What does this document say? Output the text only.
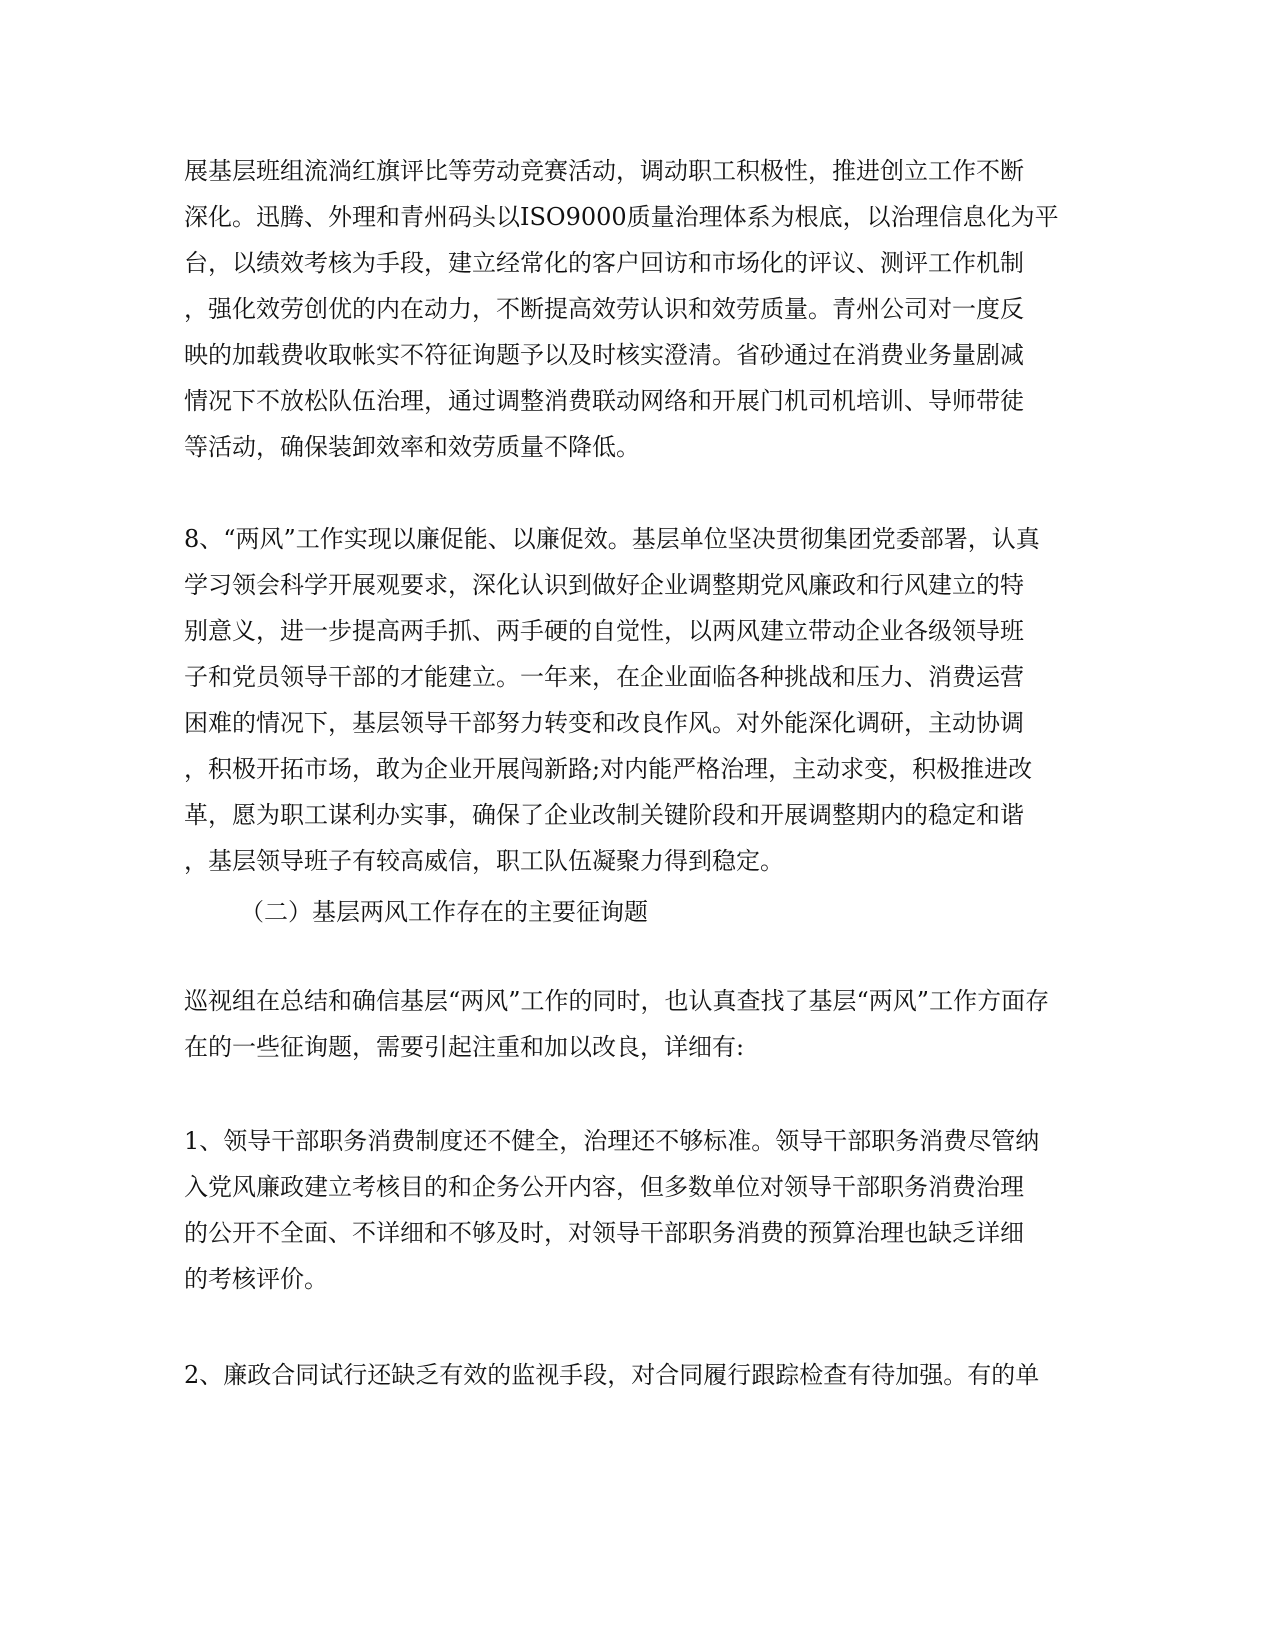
展基层班组流淌红旗评比等劳动竞赛活动，调动职工积极性，推进创立工作不断

深化。迅腾、外理和青州码头以ISO9000质量治理体系为根底，以治理信息化为平

台，以绩效考核为手段，建立经常化的客户回访和市场化的评议、测评工作机制

，强化效劳创优的内在动力，不断提高效劳认识和效劳质量。青州公司对一度反

映的加载费收取帐实不符征询题予以及时核实澄清。省砂通过在消费业务量剧减

情况下不放松队伍治理，通过调整消费联动网络和开展门机司机培训、导师带徒

等活动，确保装卸效率和效劳质量不降低。

8、“两风”工作实现以廉促能、以廉促效。基层单位坚决贯彻集团党委部署，认真

学习领会科学开展观要求，深化认识到做好企业调整期党风廉政和行风建立的特

别意义，进一步提高两手抓、两手硬的自觉性，以两风建立带动企业各级领导班

子和党员领导干部的才能建立。一年来，在企业面临各种挑战和压力、消费运营

困难的情况下，基层领导干部努力转变和改良作风。对外能深化调研，主动协调

，积极开拓市场，敢为企业开展闯新路;对内能严格治理，主动求变，积极推进改

革，愿为职工谋利办实事，确保了企业改制关键阶段和开展调整期内的稳定和谐

，基层领导班子有较高威信，职工队伍凝聚力得到稳定。

（二）基层两风工作存在的主要征询题

巡视组在总结和确信基层“两风”工作的同时，也认真查找了基层“两风”工作方面存

在的一些征询题，需要引起注重和加以改良，详细有:

1、领导干部职务消费制度还不健全，治理还不够标准。领导干部职务消费尽管纳

入党风廉政建立考核目的和企务公开内容，但多数单位对领导干部职务消费治理

的公开不全面、不详细和不够及时，对领导干部职务消费的预算治理也缺乏详细

的考核评价。

2、廉政合同试行还缺乏有效的监视手段，对合同履行跟踪检查有待加强。有的单
